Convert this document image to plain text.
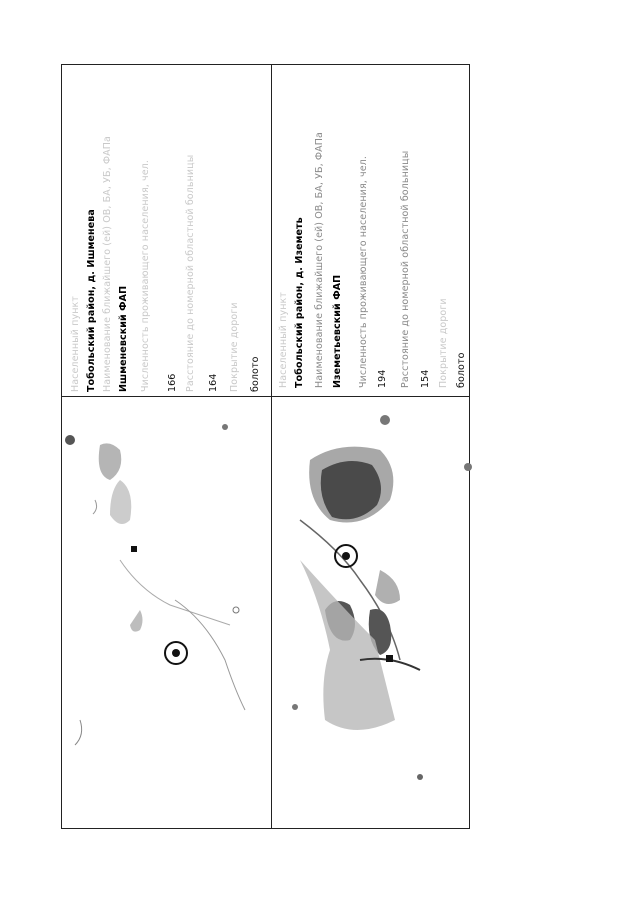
Населенный пункт Тобольский район, д. Ишменева Наименование ближайшего (ей) ОВ, БА, УБ, ФАПа Ишменевский ФАП Численность проживающего населения, чел. 166 Расстояние до номерной областной больницы 164 Покрытие дороги болото Населенный пункт Тобольский район, д. Иземеть Наименование ближайшего (ей) ОВ, БА, УБ, ФАПа Иземетьевский ФАП Численность проживающего населения, чел. 194 Расстояние до номерной областной больницы 154 Покрытие дороги болото
